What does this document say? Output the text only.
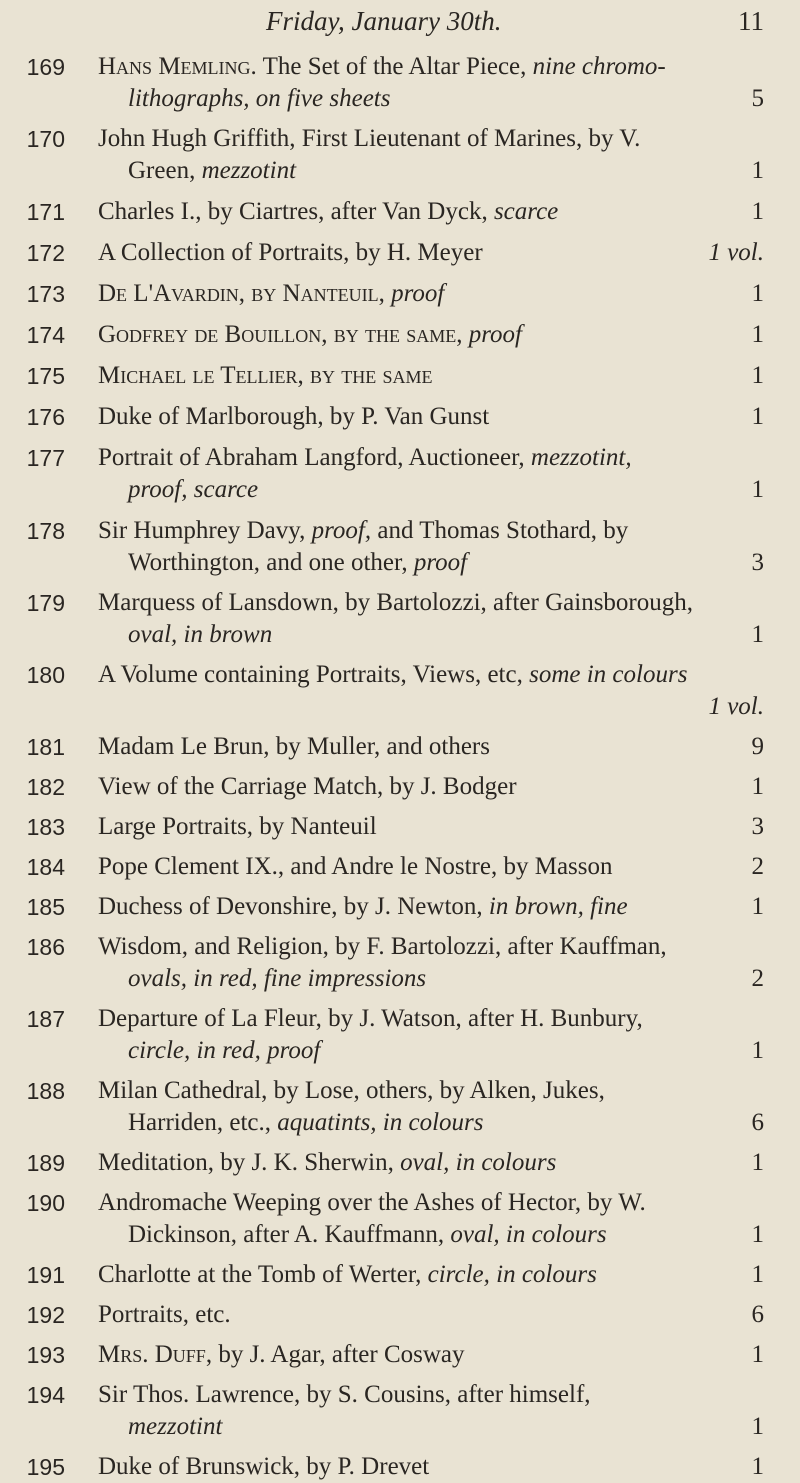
Friday, January 30th.	11
169 Hans Memling. The Set of the Altar Piece, nine chromo-
lithographs, on five sheets	5
170 John Hugh Griffith, First Lieutenant of Marines, by V.
Green, mezzotint	1
171 Charles I., by Ciartres, after Van Dyck, scarce	1
172 A Collection of Portraits, by H. Meyer	1 vol.
173 De L'Avardin, by Nanteuil, proof	1
174 Godfrey de Bouillon, by the same, proof	1
175 Michael le Tellier, by the same	1
176 Duke of Marlborough, by P. Van Gunst	1
177 Portrait of Abraham Langford, Auctioneer, mezzotint,
proof, scarce	1
178 Sir Humphrey Davy, proof, and Thomas Stothard, by
Worthington, and one other, proof	3
179 Marquess of Lansdown, by Bartolozzi, after Gainsborough,
oval, in brown	1
180 A Volume containing Portraits, Views, etc, some in colours
1 vol.
181 Madam Le Brun, by Muller, and others	9
182 View of the Carriage Match, by J. Bodger	1
183 Large Portraits, by Nanteuil	3
184 Pope Clement IX., and Andre le Nostre, by Masson	2
185 Duchess of Devonshire, by J. Newton, in brown, fine	1
186 Wisdom, and Religion, by F. Bartolozzi, after Kauffman,
ovals, in red, fine impressions	2
187 Departure of La Fleur, by J. Watson, after H. Bunbury,
circle, in red, proof	1
188 Milan Cathedral, by Lose, others, by Alken, Jukes,
Harriden, etc., aquatints, in colours	6
189 Meditation, by J. K. Sherwin, oval, in colours	1
190 Andromache Weeping over the Ashes of Hector, by W.
Dickinson, after A. Kauffmann, oval, in colours	1
191 Charlotte at the Tomb of Werter, circle, in colours	1
192 Portraits, etc.	6
193 Mrs. Duff, by J. Agar, after Cosway	1
194 Sir Thos. Lawrence, by S. Cousins, after himself,
mezzotint	1
195 Duke of Brunswick, by P. Drevet	1
